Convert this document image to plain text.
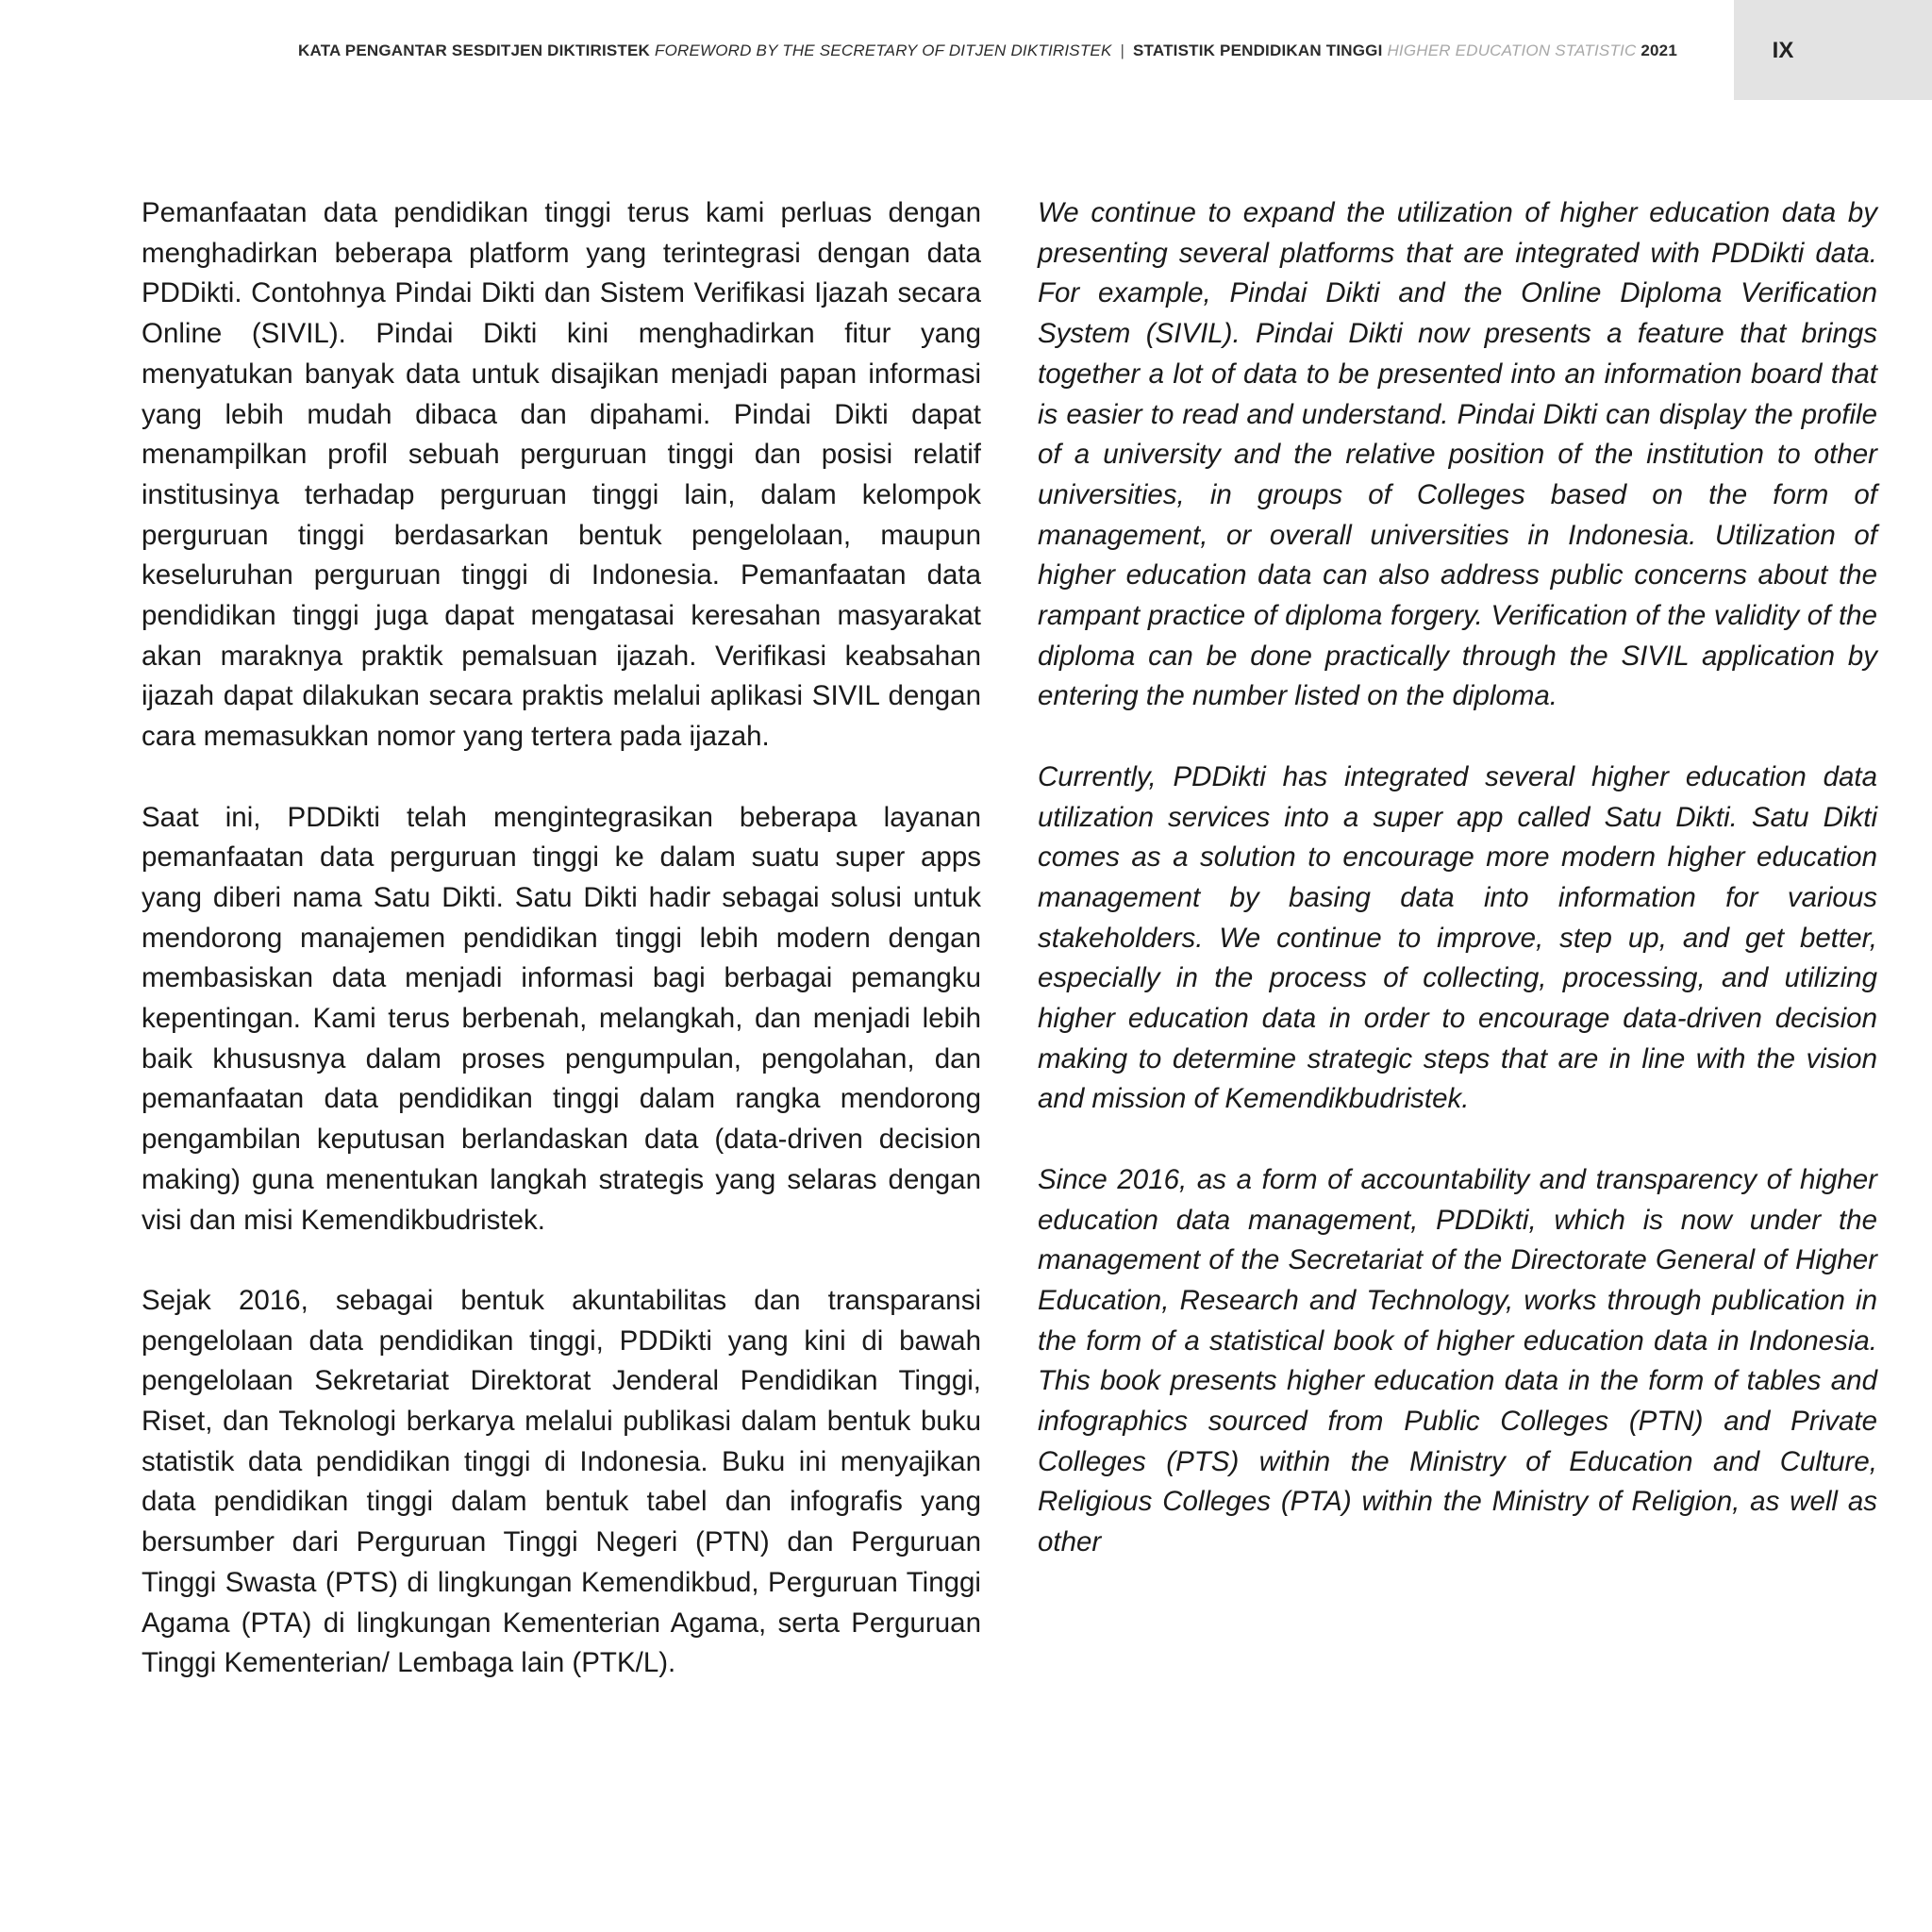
KATA PENGANTAR SESDITJEN DIKTIRISTEK FOREWORD BY THE SECRETARY OF DITJEN DIKTIRISTEK | STATISTIK PENDIDIKAN TINGGI HIGHER EDUCATION STATISTIC 2021	IX

Pemanfaatan data pendidikan tinggi terus kami perluas dengan menghadirkan beberapa platform yang terintegrasi dengan data PDDikti. Contohnya Pindai Dikti dan Sistem Verifikasi Ijazah secara Online (SIVIL). Pindai Dikti kini menghadirkan fitur yang menyatukan banyak data untuk disajikan menjadi papan informasi yang lebih mudah dibaca dan dipahami. Pindai Dikti dapat menampilkan profil sebuah perguruan tinggi dan posisi relatif institusinya terhadap perguruan tinggi lain, dalam kelompok perguruan tinggi berdasarkan bentuk pengelolaan, maupun keseluruhan perguruan tinggi di Indonesia. Pemanfaatan data pendidikan tinggi juga dapat mengatasai keresahan masyarakat akan maraknya praktik pemalsuan ijazah. Verifikasi keabsahan ijazah dapat dilakukan secara praktis melalui aplikasi SIVIL dengan cara memasukkan nomor yang tertera pada ijazah.

Saat ini, PDDikti telah mengintegrasikan beberapa layanan pemanfaatan data perguruan tinggi ke dalam suatu super apps yang diberi nama Satu Dikti. Satu Dikti hadir sebagai solusi untuk mendorong manajemen pendidikan tinggi lebih modern dengan membasiskan data menjadi informasi bagi berbagai pemangku kepentingan. Kami terus berbenah, melangkah, dan menjadi lebih baik khususnya dalam proses pengumpulan, pengolahan, dan pemanfaatan data pendidikan tinggi dalam rangka mendorong pengambilan keputusan berlandaskan data (data-driven decision making) guna menentukan langkah strategis yang selaras dengan visi dan misi Kemendikbudristek.

Sejak 2016, sebagai bentuk akuntabilitas dan transparansi pengelolaan data pendidikan tinggi, PDDikti yang kini di bawah pengelolaan Sekretariat Direktorat Jenderal Pendidikan Tinggi, Riset, dan Teknologi berkarya melalui publikasi dalam bentuk buku statistik data pendidikan tinggi di Indonesia. Buku ini menyajikan data pendidikan tinggi dalam bentuk tabel dan infografis yang bersumber dari Perguruan Tinggi Negeri (PTN) dan Perguruan Tinggi Swasta (PTS) di lingkungan Kemendikbud, Perguruan Tinggi Agama (PTA) di lingkungan Kementerian Agama, serta Perguruan Tinggi Kementerian/ Lembaga lain (PTK/L).

We continue to expand the utilization of higher education data by presenting several platforms that are integrated with PDDikti data. For example, Pindai Dikti and the Online Diploma Verification System (SIVIL). Pindai Dikti now presents a feature that brings together a lot of data to be presented into an information board that is easier to read and understand. Pindai Dikti can display the profile of a university and the relative position of the institution to other universities, in groups of Colleges based on the form of management, or overall universities in Indonesia. Utilization of higher education data can also address public concerns about the rampant practice of diploma forgery. Verification of the validity of the diploma can be done practically through the SIVIL application by entering the number listed on the diploma.

Currently, PDDikti has integrated several higher education data utilization services into a super app called Satu Dikti. Satu Dikti comes as a solution to encourage more modern higher education management by basing data into information for various stakeholders. We continue to improve, step up, and get better, especially in the process of collecting, processing, and utilizing higher education data in order to encourage data-driven decision making to determine strategic steps that are in line with the vision and mission of Kemendikbudristek.

Since 2016, as a form of accountability and transparency of higher education data management, PDDikti, which is now under the management of the Secretariat of the Directorate General of Higher Education, Research and Technology, works through publication in the form of a statistical book of higher education data in Indonesia. This book presents higher education data in the form of tables and infographics sourced from Public Colleges (PTN) and Private Colleges (PTS) within the Ministry of Education and Culture, Religious Colleges (PTA) within the Ministry of Religion, as well as other
